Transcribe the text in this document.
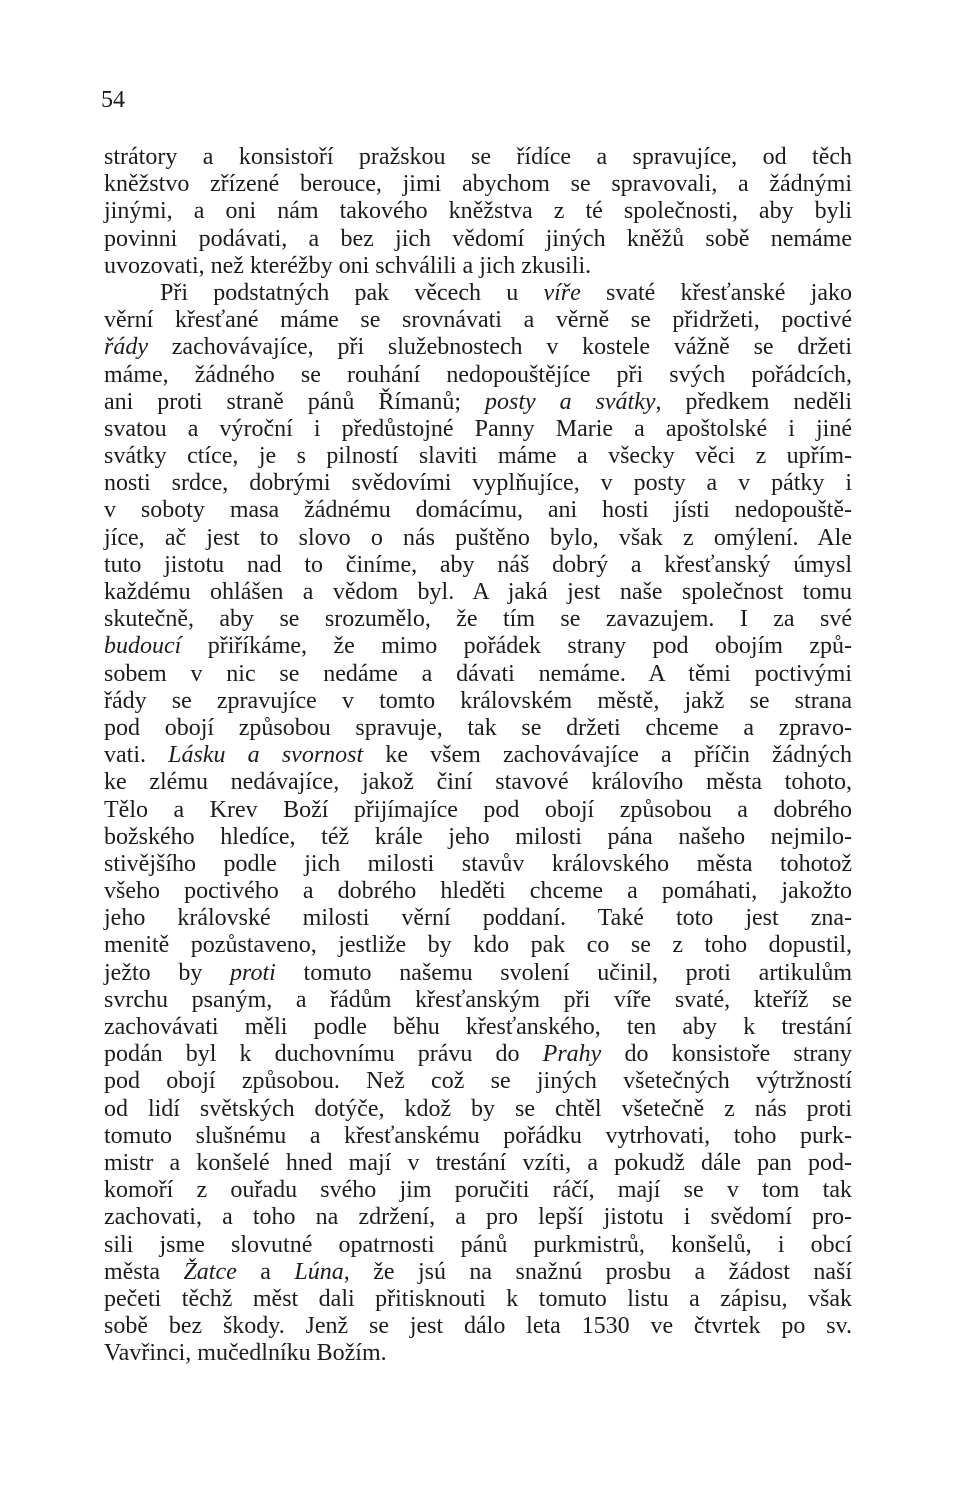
54
strátory a konsistoří pražskou se řídíce a spravujíce, od těch
kněžstvo zřízené berouce, jimi abychom se spravovali, a žádnými
jinými, a oni nám takového kněžstva z té společnosti, aby byli
povinni podávati, a bez jich vědomí jiných kněžů sobě nemáme
uvozovati, než kteréžby oni schválili a jich zkusili.
Při podstatných pak věcech u víře svaté křesťanské jako
věrní křesťané máme se srovnávati a věrně se přidržeti, poctivé
řády zachovávajíce, při služebnostech v kostele vážně se držeti
máme, žádného se rouhání nedopouštějíce při svých pořádcích,
ani proti straně pánů Římanů; posty a svátky, předkem neděli
svatou a výroční i předůstojné Panny Marie a apoštolské i jiné
svátky ctíce, je s pilností slaviti máme a všecky věci z upřím-
nosti srdce, dobrými svědovími vyplňujíce, v posty a v pátky i
v soboty masa žádnému domácímu, ani hosti jísti nedopouště-
jíce, ač jest to slovo o nás puštěno bylo, však z omýlení. Ale
tuto jistotu nad to činíme, aby náš dobrý a křesťanský úmysl
každému ohlášen a vědom byl. A jaká jest naše společnost tomu
skutečně, aby se srozumělo, že tím se zavazujem. I za své
budoucí přiříkáme, že mimo pořádek strany pod obojím způ-
sobem v nic se nedáme a dávati nemáme. A těmi poctivými
řády se zpravujíce v tomto královském městě, jakž se strana
pod obojí způsobou spravuje, tak se držeti chceme a zpravo-
vati. Lásku a svornost ke všem zachovávajíce a příčin žádných
ke zlému nedávajíce, jakož činí stavové královího města tohoto,
Tělo a Krev Boží přijímajíce pod obojí způsobou a dobrého
božského hledíce, též krále jeho milosti pána našeho nejmilo-
stivějšího podle jich milosti stavův královského města tohotož
všeho poctivého a dobrého hleděti chceme a pomáhati, jakožto
jeho královské milosti věrní poddaní. Také toto jest zna-
menitě pozůstaveno, jestliže by kdo pak co se z toho dopustil,
ježto by proti tomuto našemu svolení učinil, proti artikulům
svrchu psaným, a řádům křesťanským při víře svaté, kteříž se
zachovávati měli podle běhu křesťanského, ten aby k trestání
podán byl k duchovnímu právu do Prahy do konsistoře strany
pod obojí způsobou. Než což se jiných všetečných výtržností
od lidí světských dotýče, kdož by se chtěl všetečně z nás proti
tomuto slušnému a křesťanskému pořádku vytrhovati, toho purk-
mistr a konšelé hned mají v trestání vzíti, a pokudž dále pan pod-
komoří z ouřadu svého jim poručiti ráčí, mají se v tom tak
zachovati, a toho na zdržení, a pro lepší jistotu i svědomí pro-
sili jsme slovutné opatrnosti pánů purkmistrů, konšelů, i obcí
města Žatce a Lúna, že jsú na snažnú prosbu a žádost naší
pečeti těchž měst dali přitisknouti k tomuto listu a zápisu, však
sobě bez škody. Jenž se jest dálo leta 1530 ve čtvrtek po sv.
Vavřinci, mučedlníku Božím.
